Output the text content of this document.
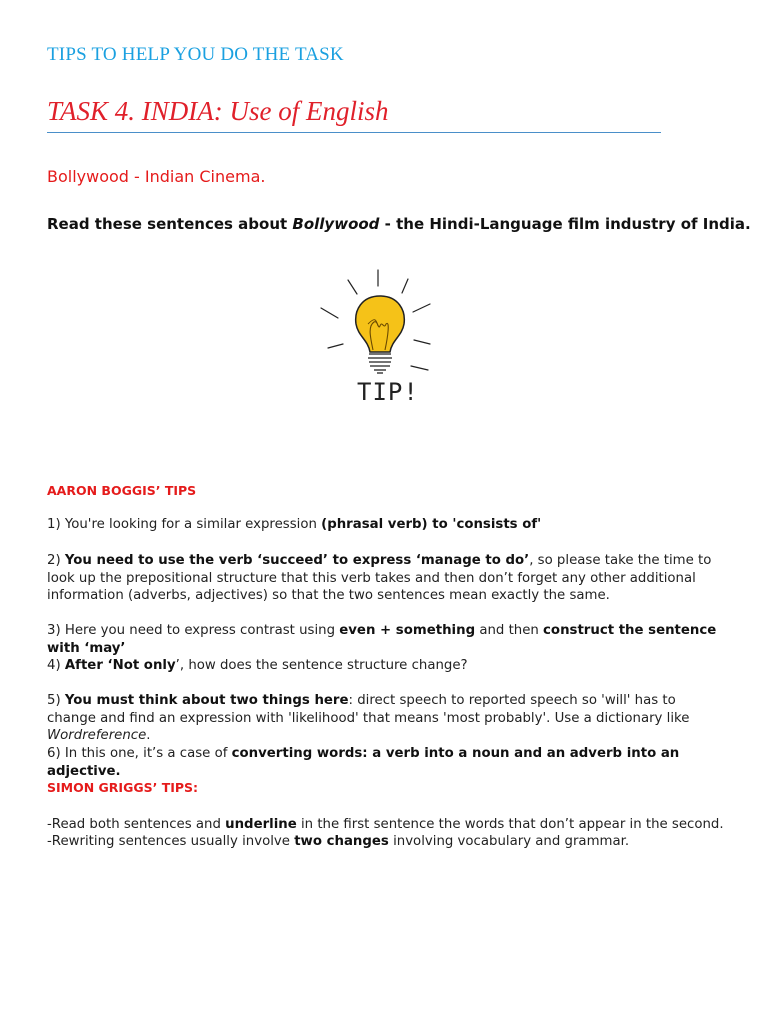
TIPS TO HELP YOU DO THE TASK
TASK 4. INDIA: Use of English
Bollywood - Indian Cinema.
Read these sentences about Bollywood - the Hindi-Language film industry of India.
TIP!
AARON BOGGIS’ TIPS
1) You're looking for a similar expression (phrasal verb) to 'consists of'
2) You need to use the verb ‘succeed’ to express ‘manage to do’, so please take the time to look up the prepositional structure that this verb takes and then don’t forget any other additional information (adverbs, adjectives) so that the two sentences mean exactly the same.
3) Here you need to express contrast using even + something and then construct the sentence with ‘may’
4) After ‘Not only’, how does the sentence structure change?
5) You must think about two things here: direct speech to reported speech so 'will' has to change and find an expression with 'likelihood' that means 'most probably'. Use a dictionary like Wordreference.
6) In this one, it’s a case of converting words: a verb into a noun and an adverb into an adjective.
SIMON GRIGGS’ TIPS:
-Read both sentences and underline in the first sentence the words that don’t appear in the second.
-Rewriting sentences usually involve two changes involving vocabulary and grammar.
